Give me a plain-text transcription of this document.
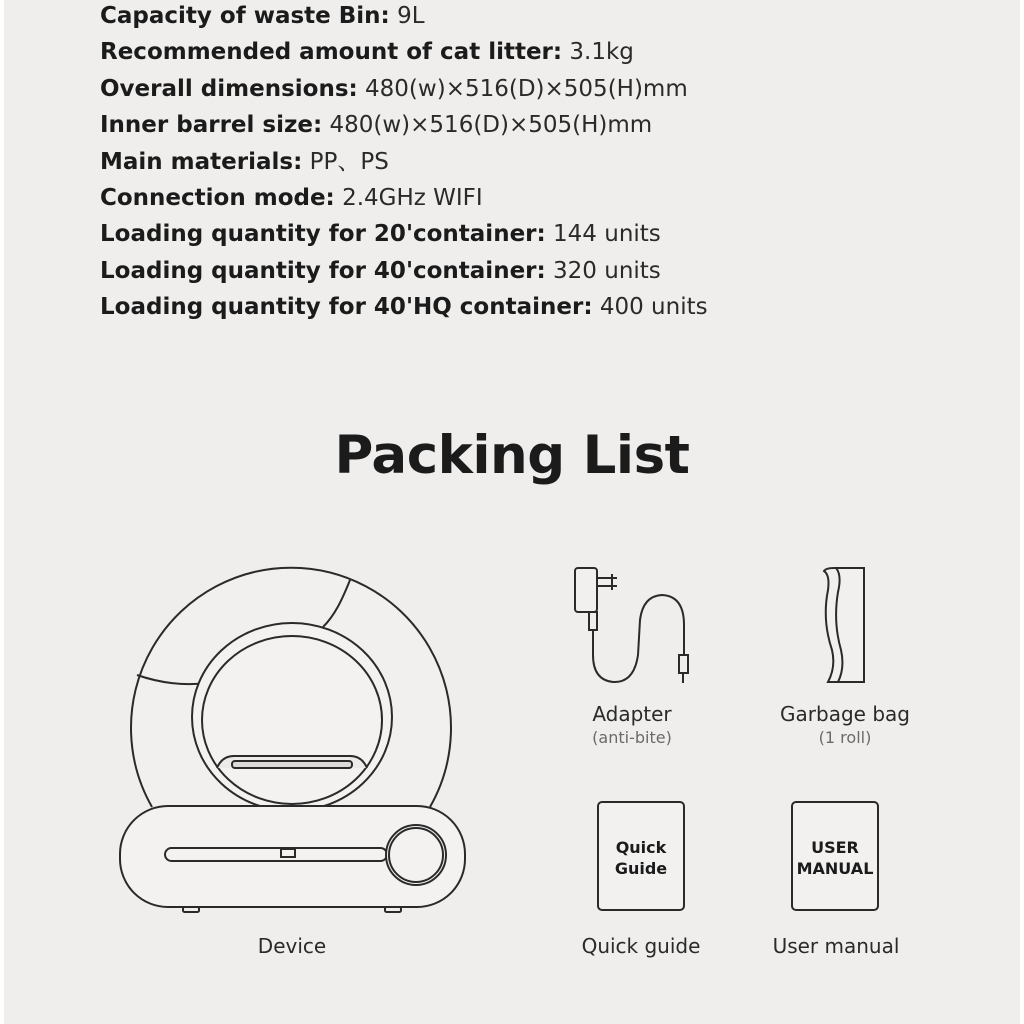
Capacity of waste Bin: 9L
Recommended amount of cat litter: 3.1kg
Overall dimensions: 480(w)×516(D)×505(H)mm
Inner barrel size: 480(w)×516(D)×505(H)mm
Main materials: PP、PS
Connection mode: 2.4GHz WIFI
Loading quantity for 20'container: 144 units
Loading quantity for 40'container: 320 units
Loading quantity for 40'HQ container: 400 units
Packing List
Device
Adapter
(anti-bite)
Garbage bag
(1 roll)
Quick
Guide
Quick guide
USER
MANUAL
User manual
